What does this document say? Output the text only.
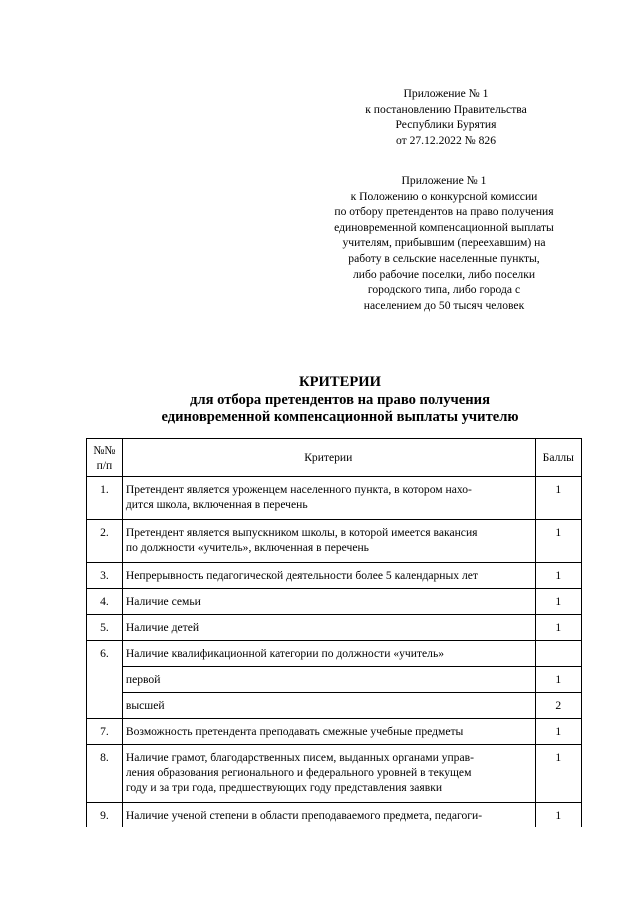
Приложение № 1
к постановлению Правительства
Республики Бурятия
от 27.12.2022 № 826
Приложение № 1
к Положению о конкурсной комиссии
по отбору претендентов на право получения
единовременной компенсационной выплаты
учителям, прибывшим (переехавшим) на
работу в сельские населенные пункты,
либо рабочие поселки, либо поселки
городского типа, либо города с
населением до 50 тысяч человек
КРИТЕРИИ
для отбора претендентов на право получения
единовременной компенсационной выплаты учителю
№№
п/п	Критерии	Баллы
1.	Претендент является уроженцем населенного пункта, в котором нахо-
дится школа, включенная в перечень	1
2.	Претендент является выпускником школы, в которой имеется вакансия
по должности «учитель», включенная в перечень	1
3.	Непрерывность педагогической деятельности более 5 календарных лет	1
4.	Наличие семьи	1
5.	Наличие детей	1
6.	Наличие квалификационной категории по должности «учитель»	

	первой	1

	высшей	2
7.	Возможность претендента преподавать смежные учебные предметы	1
8.	Наличие грамот, благодарственных писем, выданных органами управ-
ления образования регионального и федерального уровней в текущем
году и за три года, предшествующих году представления заявки	1
9.	Наличие ученой степени в области преподаваемого предмета, педагоги-	1
